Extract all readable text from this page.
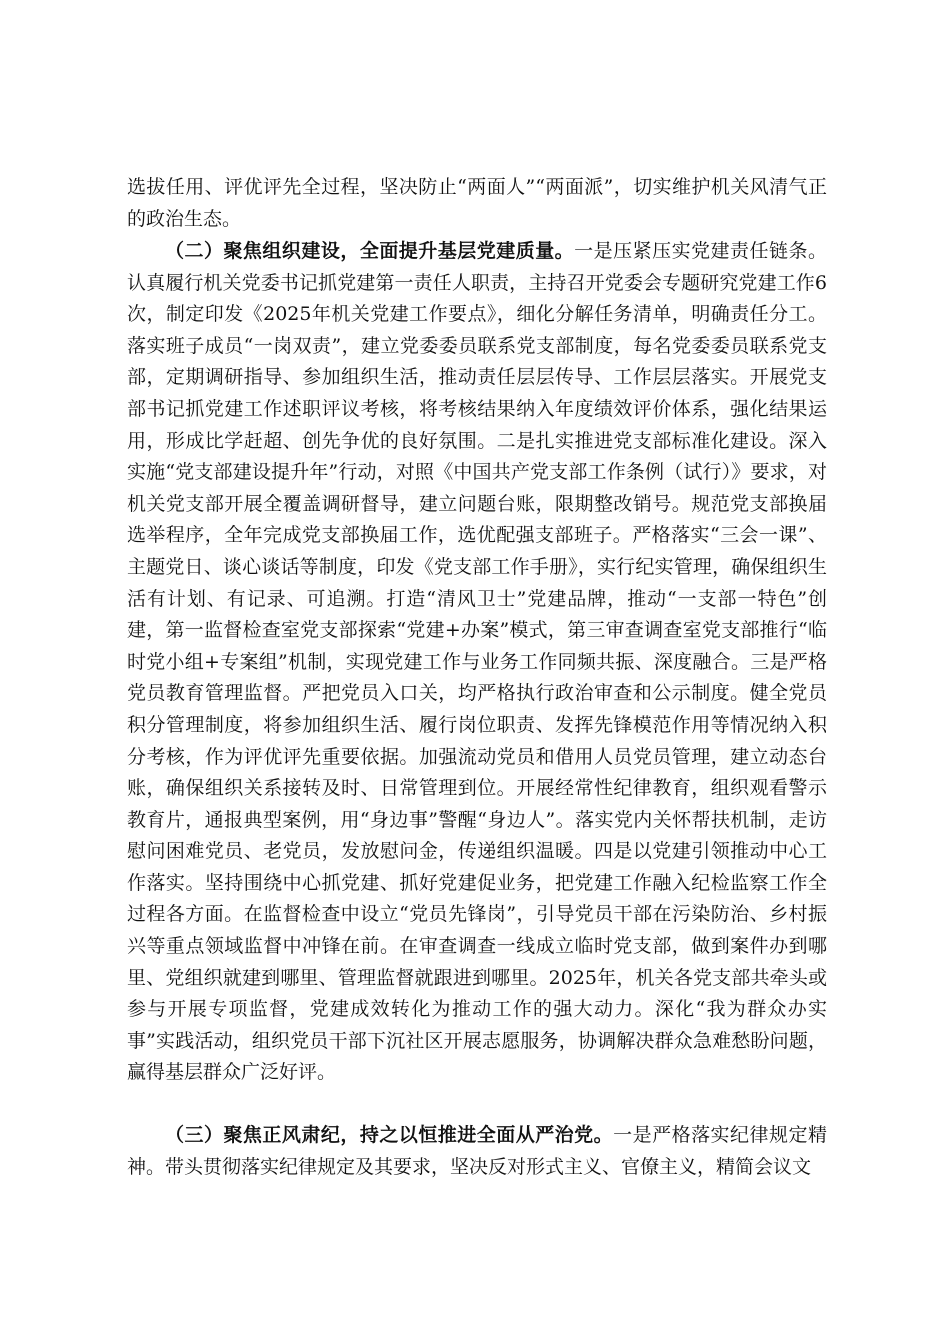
选拔任用、评优评先全过程，坚决防止“两面人”“两面派”，切实维护机关风清气正的政治生态。

（二）聚焦组织建设，全面提升基层党建质量。一是压紧压实党建责任链条。认真履行机关党委书记抓党建第一责任人职责，主持召开党委会专题研究党建工作6次，制定印发《2025年机关党建工作要点》，细化分解任务清单，明确责任分工。落实班子成员“一岗双责”，建立党委委员联系党支部制度，每名党委委员联系党支部，定期调研指导、参加组织生活，推动责任层层传导、工作层层落实。开展党支部书记抓党建工作述职评议考核，将考核结果纳入年度绩效评价体系，强化结果运用，形成比学赶超、创先争优的良好氛围。二是扎实推进党支部标准化建设。深入实施“党支部建设提升年”行动，对照《中国共产党支部工作条例（试行）》要求，对机关党支部开展全覆盖调研督导，建立问题台账，限期整改销号。规范党支部换届选举程序，全年完成党支部换届工作，选优配强支部班子。严格落实“三会一课”、主题党日、谈心谈话等制度，印发《党支部工作手册》，实行纪实管理，确保组织生活有计划、有记录、可追溯。打造“清风卫士”党建品牌，推动“一支部一特色”创建，第一监督检查室党支部探索“党建+办案”模式，第三审查调查室党支部推行“临时党小组+专案组”机制，实现党建工作与业务工作同频共振、深度融合。三是严格党员教育管理监督。严把党员入口关，均严格执行政治审查和公示制度。健全党员积分管理制度，将参加组织生活、履行岗位职责、发挥先锋模范作用等情况纳入积分考核，作为评优评先重要依据。加强流动党员和借用人员党员管理，建立动态台账，确保组织关系接转及时、日常管理到位。开展经常性纪律教育，组织观看警示教育片，通报典型案例，用“身边事”警醒“身边人”。落实党内关怀帮扶机制，走访慰问困难党员、老党员，发放慰问金，传递组织温暖。四是以党建引领推动中心工作落实。坚持围绕中心抓党建、抓好党建促业务，把党建工作融入纪检监察工作全过程各方面。在监督检查中设立“党员先锋岗”，引导党员干部在污染防治、乡村振兴等重点领域监督中冲锋在前。在审查调查一线成立临时党支部，做到案件办到哪里、党组织就建到哪里、管理监督就跟进到哪里。2025年，机关各党支部共牵头或参与开展专项监督，党建成效转化为推动工作的强大动力。深化“我为群众办实事”实践活动，组织党员干部下沉社区开展志愿服务，协调解决群众急难愁盼问题，赢得基层群众广泛好评。

（三）聚焦正风肃纪，持之以恒推进全面从严治党。一是严格落实纪律规定精神。带头贯彻落实纪律规定及其要求，坚决反对形式主义、官僚主义，精简会议文
